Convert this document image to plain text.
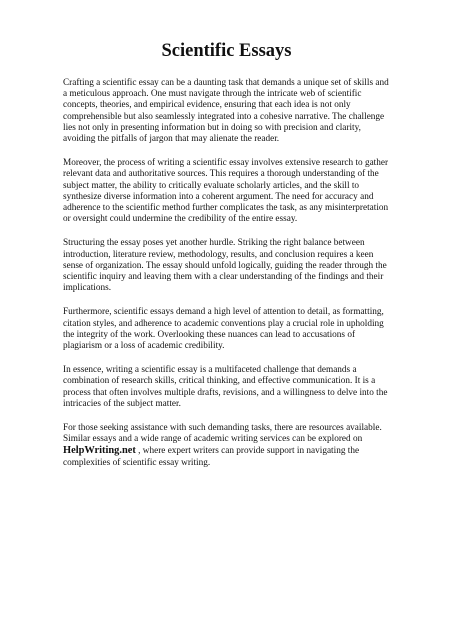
Scientific Essays

Crafting a scientific essay can be a daunting task that demands a unique set of skills and a meticulous approach. One must navigate through the intricate web of scientific concepts, theories, and empirical evidence, ensuring that each idea is not only comprehensible but also seamlessly integrated into a cohesive narrative. The challenge lies not only in presenting information but in doing so with precision and clarity, avoiding the pitfalls of jargon that may alienate the reader.

Moreover, the process of writing a scientific essay involves extensive research to gather relevant data and authoritative sources. This requires a thorough understanding of the subject matter, the ability to critically evaluate scholarly articles, and the skill to synthesize diverse information into a coherent argument. The need for accuracy and adherence to the scientific method further complicates the task, as any misinterpretation or oversight could undermine the credibility of the entire essay.

Structuring the essay poses yet another hurdle. Striking the right balance between introduction, literature review, methodology, results, and conclusion requires a keen sense of organization. The essay should unfold logically, guiding the reader through the scientific inquiry and leaving them with a clear understanding of the findings and their implications.

Furthermore, scientific essays demand a high level of attention to detail, as formatting, citation styles, and adherence to academic conventions play a crucial role in upholding the integrity of the work. Overlooking these nuances can lead to accusations of plagiarism or a loss of academic credibility.

In essence, writing a scientific essay is a multifaceted challenge that demands a combination of research skills, critical thinking, and effective communication. It is a process that often involves multiple drafts, revisions, and a willingness to delve into the intricacies of the subject matter.

For those seeking assistance with such demanding tasks, there are resources available. Similar essays and a wide range of academic writing services can be explored on HelpWriting.net , where expert writers can provide support in navigating the complexities of scientific essay writing.
